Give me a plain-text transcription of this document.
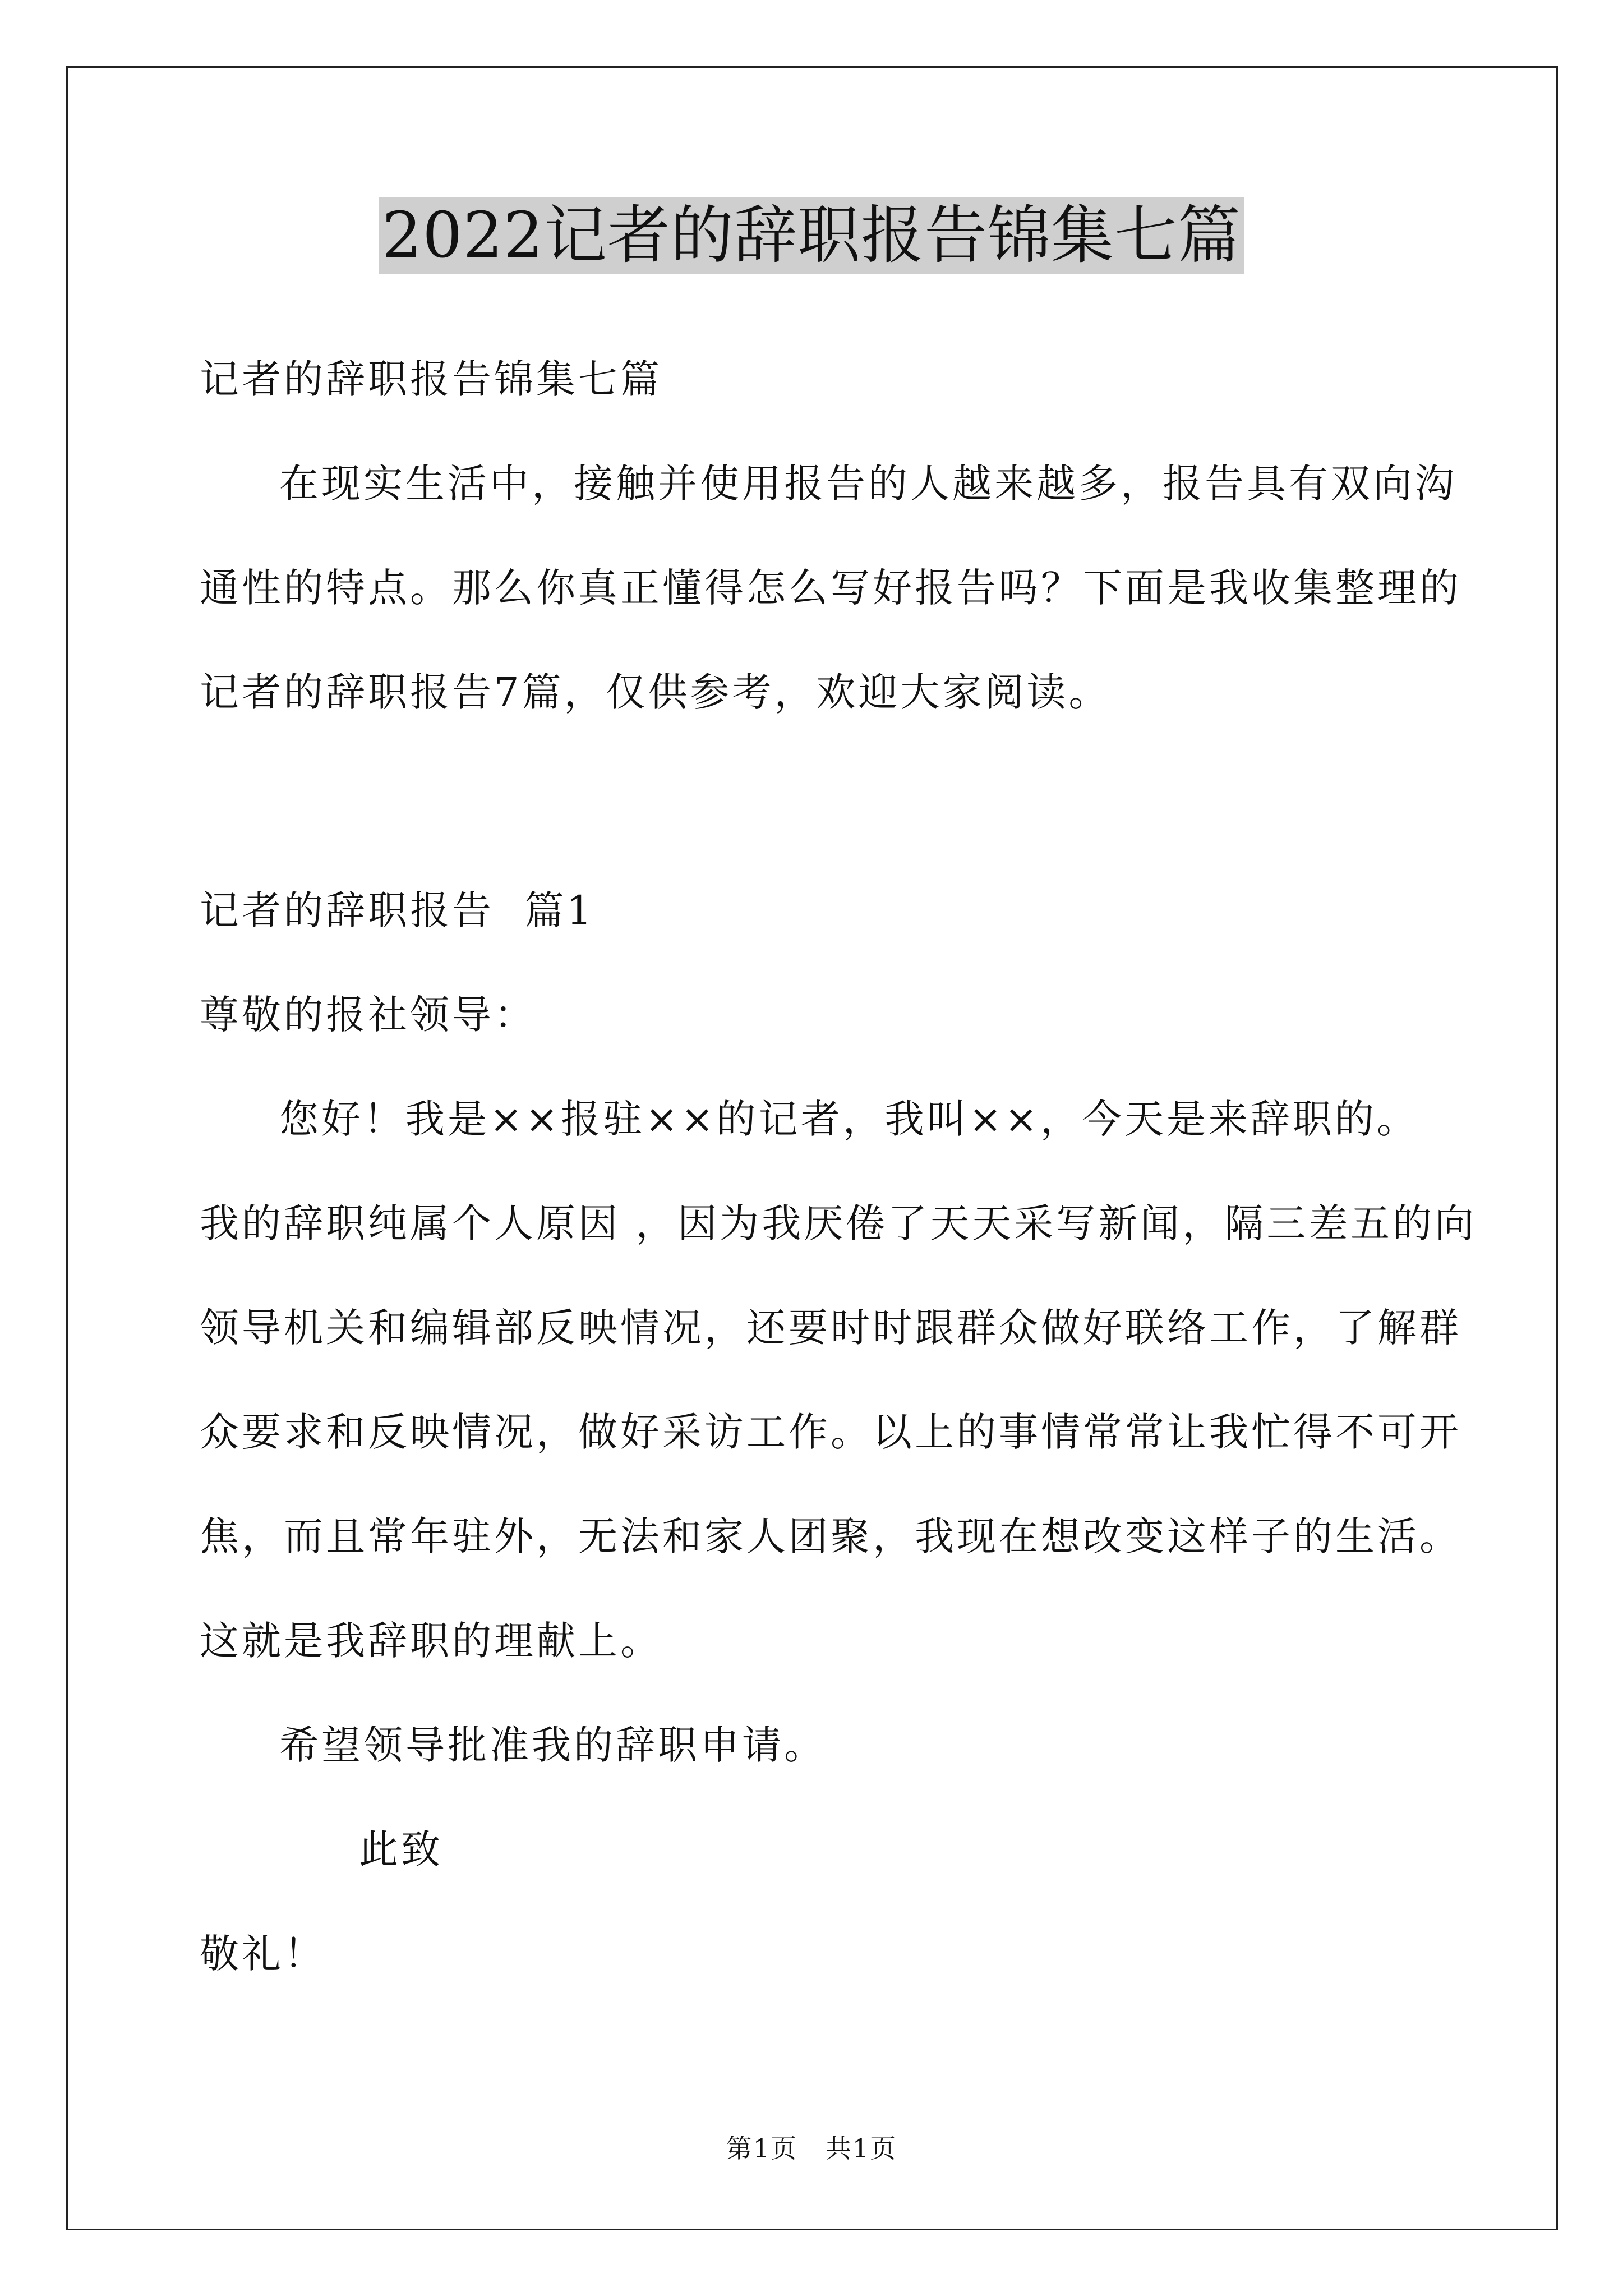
2022记者的辞职报告锦集七篇
记者的辞职报告锦集七篇
在现实生活中，接触并使用报告的人越来越多，报告具有双向沟
通性的特点。那么你真正懂得怎么写好报告吗？下面是我收集整理的
记者的辞职报告7篇，仅供参考，欢迎大家阅读。
记者的辞职报告  篇1
尊敬的报社领导：
您好！我是××报驻××的记者，我叫××，今天是来辞职的。
我的辞职纯属个人原因 ，因为我厌倦了天天采写新闻，隔三差五的向
领导机关和编辑部反映情况，还要时时跟群众做好联络工作，了解群
众要求和反映情况，做好采访工作。以上的事情常常让我忙得不可开
焦，而且常年驻外，无法和家人团聚，我现在想改变这样子的生活。
这就是我辞职的理献上。
希望领导批准我的辞职申请。
此致
敬礼！
第1页   共1页
